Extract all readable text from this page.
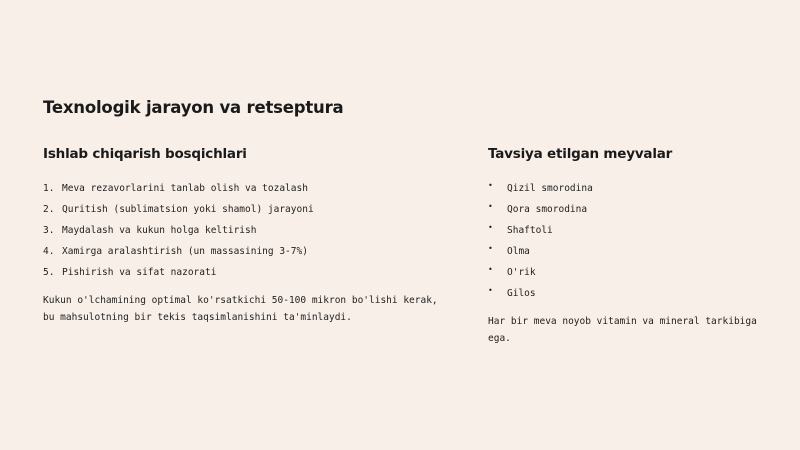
Texnologik jarayon va retseptura
Ishlab chiqarish bosqichlari
1. Meva rezavorlarini tanlab olish va tozalash
2. Quritish (sublimatsion yoki shamol) jarayoni
3. Maydalash va kukun holga keltirish
4. Xamirga aralashtirish (un massasining 3-7%)
5. Pishirish va sifat nazorati

Kukun o'lchamining optimal ko'rsatkichi 50-100 mikron bo'lishi kerak, bu mahsulotning bir tekis taqsimlanishini ta'minlaydi.

Tavsiya etilgan meyvalar
•	Qizil smorodina
•	Qora smorodina
•	Shaftoli
•	Olma
•	O'rik
•	Gilos

Har bir meva noyob vitamin va mineral tarkibiga ega.
